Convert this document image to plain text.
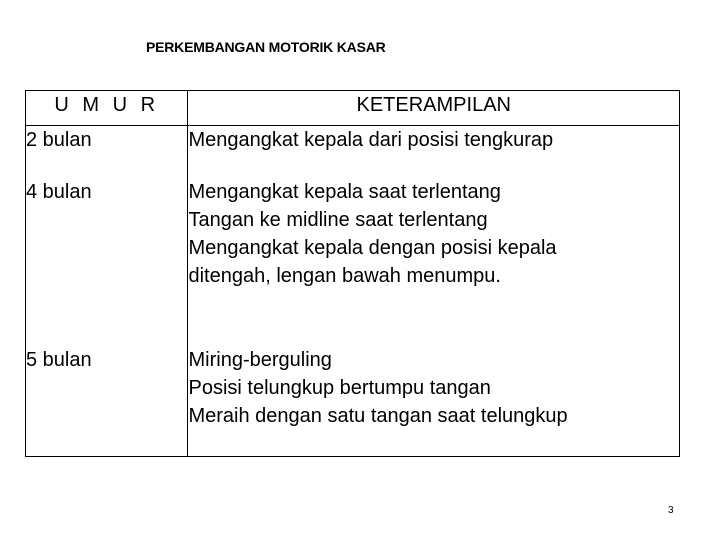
PERKEMBANGAN MOTORIK KASAR
U M U R	KETERAMPILAN
2 bulan	Mengangkat kepala dari posisi tengkurap

4 bulan	Mengangkat kepala saat terlentang
Tangan ke midline saat terlentang
Mengangkat kepala dengan posisi kepala
ditengah, lengan bawah menumpu.

5 bulan	Miring-berguling
Posisi telungkup bertumpu tangan
Meraih dengan satu tangan saat telungkup
3
